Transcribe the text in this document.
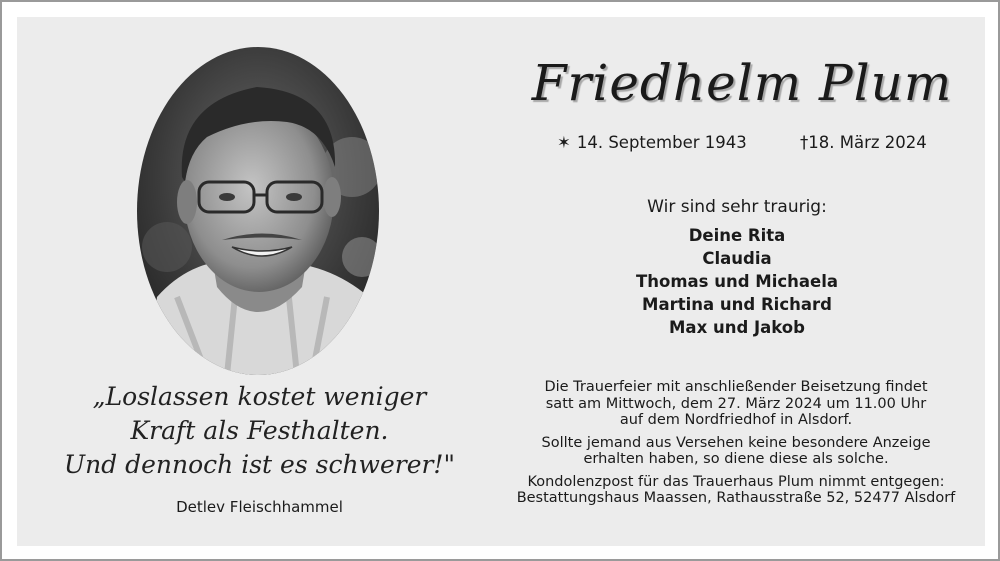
Friedhelm Plum
✶ 14. September 1943	†18. März 2024
Wir sind sehr traurig:
Deine Rita
Claudia
Thomas und Michaela
Martina und Richard
Max und Jakob

Die Trauerfeier mit anschließender Beisetzung findet
satt am Mittwoch, dem 27. März 2024 um 11.00 Uhr
auf dem Nordfriedhof in Alsdorf.

Sollte jemand aus Versehen keine besondere Anzeige
erhalten haben, so diene diese als solche.

Kondolenzpost für das Trauerhaus Plum nimmt entgegen:
Bestattungshaus Maassen, Rathausstraße 52, 52477 Alsdorf

„Loslassen kostet weniger
Kraft als Festhalten.
Und dennoch ist es schwerer!"
Detlev Fleischhammel
